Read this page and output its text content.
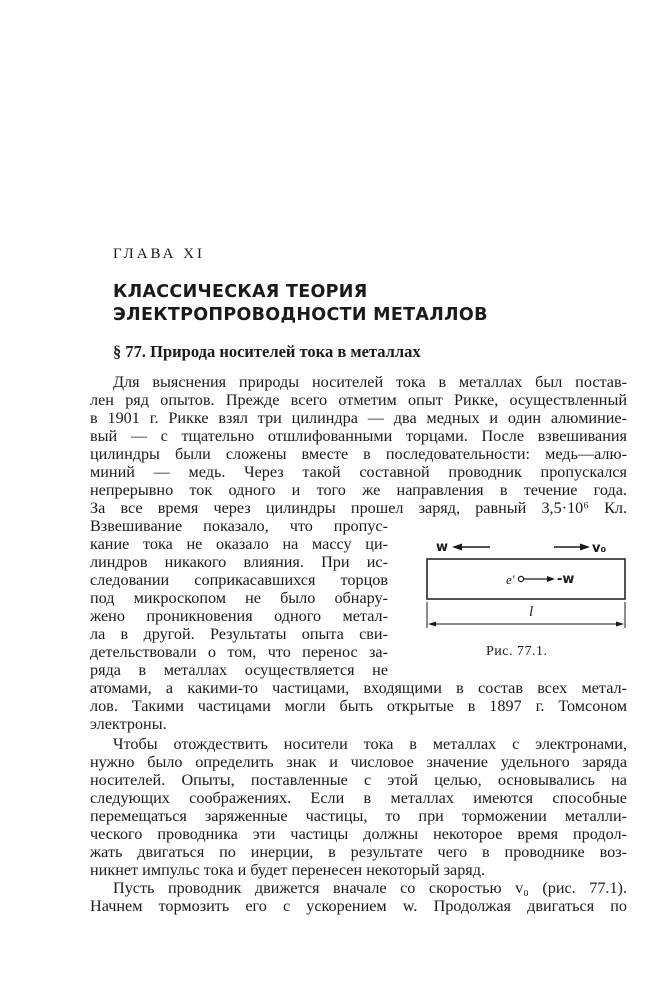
ГЛАВА XI
КЛАССИЧЕСКАЯ ТЕОРИЯ
ЭЛЕКТРОПРОВОДНОСТИ МЕТАЛЛОВ
§ 77. Природа носителей тока в металлах
Для выяснения природы носителей тока в металлах был постав-
лен ряд опытов. Прежде всего отметим опыт Рикке, осуществленный
в 1901 г. Рикке взял три цилиндра — два медных и один алюминие-
вый — с тщательно отшлифованными торцами. После взвешивания
цилиндры были сложены вместе в последовательности: медь—алю-
миний — медь. Через такой составной проводник пропускался
непрерывно ток одного и того же направления в течение года.
За все время через цилиндры прошел заряд, равный 3,5·10⁶ Кл.
Взвешивание показало, что пропус-
кание тока не оказало на массу ци-
линдров никакого влияния. При ис-
следовании соприкасавшихся торцов
под микроскопом не было обнару-
жено проникновения одного метал-
ла в другой. Результаты опыта сви-
детельствовали о том, что перенос за-
ряда в металлах осуществляется не
атомами, а какими-то частицами, входящими в состав всех метал-
лов. Такими частицами могли быть открытые в 1897 г. Томсоном
электроны.
Чтобы отождествить носители тока в металлах с электронами,
нужно было определить знак и числовое значение удельного заряда
носителей. Опыты, поставленные с этой целью, основывались на
следующих соображениях. Если в металлах имеются способные
перемещаться заряженные частицы, то при торможении металли-
ческого проводника эти частицы должны некоторое время продол-
жать двигаться по инерции, в результате чего в проводнике воз-
никнет импульс тока и будет перенесен некоторый заряд.
Пусть проводник движется вначале со скоростью v₀ (рис. 77.1).
Начнем тормозить его с ускорением w. Продолжая двигаться по
w	v₀
e′	-w
l
Рис. 77.1.
